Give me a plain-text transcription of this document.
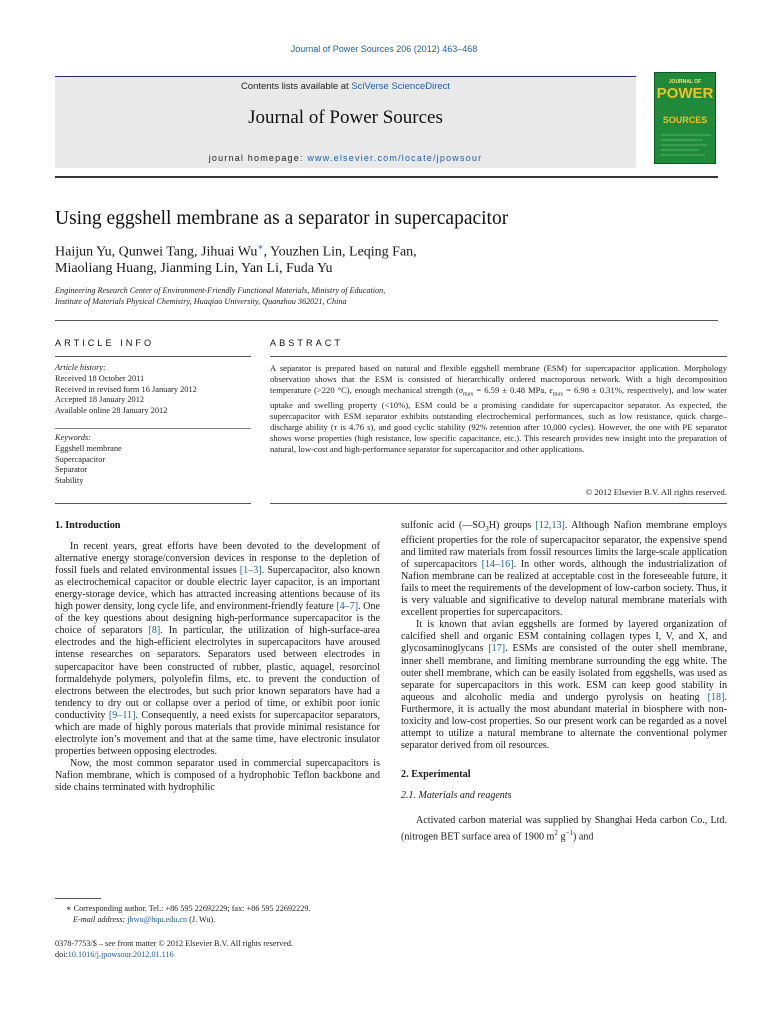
Journal of Power Sources 206 (2012) 463–468
Contents lists available at SciVerse ScienceDirect
Journal of Power Sources
journal homepage: www.elsevier.com/locate/jpowsour
JOURNAL OF
POWER
SOURCES
Using eggshell membrane as a separator in supercapacitor
Haijun Yu, Qunwei Tang, Jihuai Wu∗, Youzhen Lin, Leqing Fan,
Miaoliang Huang, Jianming Lin, Yan Li, Fuda Yu
Engineering Research Center of Environment-Friendly Functional Materials, Ministry of Education,
Institute of Materials Physical Chemistry, Huaqiao University, Quanzhou 362021, China
ARTICLE INFO	ABSTRACT
Article history:
Received 18 October 2011
Received in revised form 16 January 2012
Accepted 18 January 2012
Available online 28 January 2012
Keywords:
Eggshell membrane
Supercapacitor
Separator
Stability
A separator is prepared based on natural and flexible eggshell membrane (ESM) for supercapacitor application. Morphology observation shows that the ESM is consisted of hierarchically ordered macroporous network. With a high decomposition temperature (>220 °C), enough mechanical strength ($\sigma_{max} = 6.59 \pm 0.48$ MPa, $\varepsilon_{max} = 6.98 \pm 0.31\%$, respectively), and low water uptake and swelling property (<10%), ESM could be a promising candidate for supercapacitor separator. As expected, the supercapacitor with ESM separator exhibits outstanding electrochemical performances, such as low resistance, quick charge–discharge ability (τ is 4.76 s), and good cyclic stability (92% retention after 10,000 cycles). However, the one with PE separator shows worse properties (high resistance, low specific capacitance, etc.). This research provides new insight into the preparation of natural, low-cost and high-performance separator for supercapacitor and other applications.
© 2012 Elsevier B.V. All rights reserved.
1. Introduction

In recent years, great efforts have been devoted to the development of alternative energy storage/conversion devices in response to the depletion of fossil fuels and related environmental issues [1–3]. Supercapacitor, also known as electrochemical capacitor or double electric layer capacitor, is an important energy-storage device, which has attracted increasing attentions because of its high power density, long cycle life, and environment-friendly feature [4–7]. One of the key questions about designing high-performance supercapacitor is the choice of separators [8]. In particular, the utilization of high-surface-area electrodes and the high-efficient electrolytes in supercapacitors have aroused intense researches on separators. Separators used between electrodes in supercapacitor have been constructed of rubber, plastic, aquagel, resorcinol formaldehyde polymers, polyolefin films, etc. to prevent the conduction of electrons between the electrodes, but such prior known separators have had a tendency to dry out or collapse over a period of time, or exhibit poor ionic conductivity [9–11]. Consequently, a need exists for supercapacitor separators, which are made of highly porous materials that provide minimal resistance for electrolyte ion’s movement and that at the same time, have electronic insulator properties between opposing electrodes.

Now, the most common separator used in commercial supercapacitors is Nafion membrane, which is composed of a hydrophobic Teflon backbone and side chains terminated with hydrophilic

sulfonic acid $(—SO_3H)$ groups [12,13]. Although Nafion membrane employs efficient properties for the role of supercapacitor separator, the expensive spend and limited raw materials from fossil resources limits the large-scale application of supercapacitors [14–16]. In other words, although the industrialization of Nafion membrane can be realized at acceptable cost in the foreseeable future, it fails to meet the requirements of the development of low-carbon society. Thus, it is very valuable and significative to develop natural membrane materials with excellent properties for supercapacitors.

It is known that avian eggshells are formed by layered organization of calcified shell and organic ESM containing collagen types I, V, and X, and glycosaminoglycans [17]. ESMs are consisted of the outer shell membrane, inner shell membrane, and limiting membrane surrounding the egg white. The outer shell membrane, which can be easily isolated from eggshells, was used as separate for supercapacitors in this work. ESM can keep good stability in aqueous and alcoholic media and undergo pyrolysis on heating [18]. Furthermore, it is actually the most abundant material in biosphere with non-toxicity and low-cost properties. So our present work can be regarded as a novel attempt to utilize a natural membrane to alternate the conventional polymer separator derived from oil resources.

2. Experimental
2.1. Materials and reagents

Activated carbon material was supplied by Shanghai Heda carbon Co., Ltd. (nitrogen BET surface area of 1900 $m^2$ $g^{-1}$) and

∗ Corresponding author. Tel.: +86 595 22692229; fax: +86 595 22692229.
E-mail address: jhwu@hqu.edu.cn (J. Wu).
0378-7753/$ – see front matter © 2012 Elsevier B.V. All rights reserved.
doi:10.1016/j.jpowsour.2012.01.116
